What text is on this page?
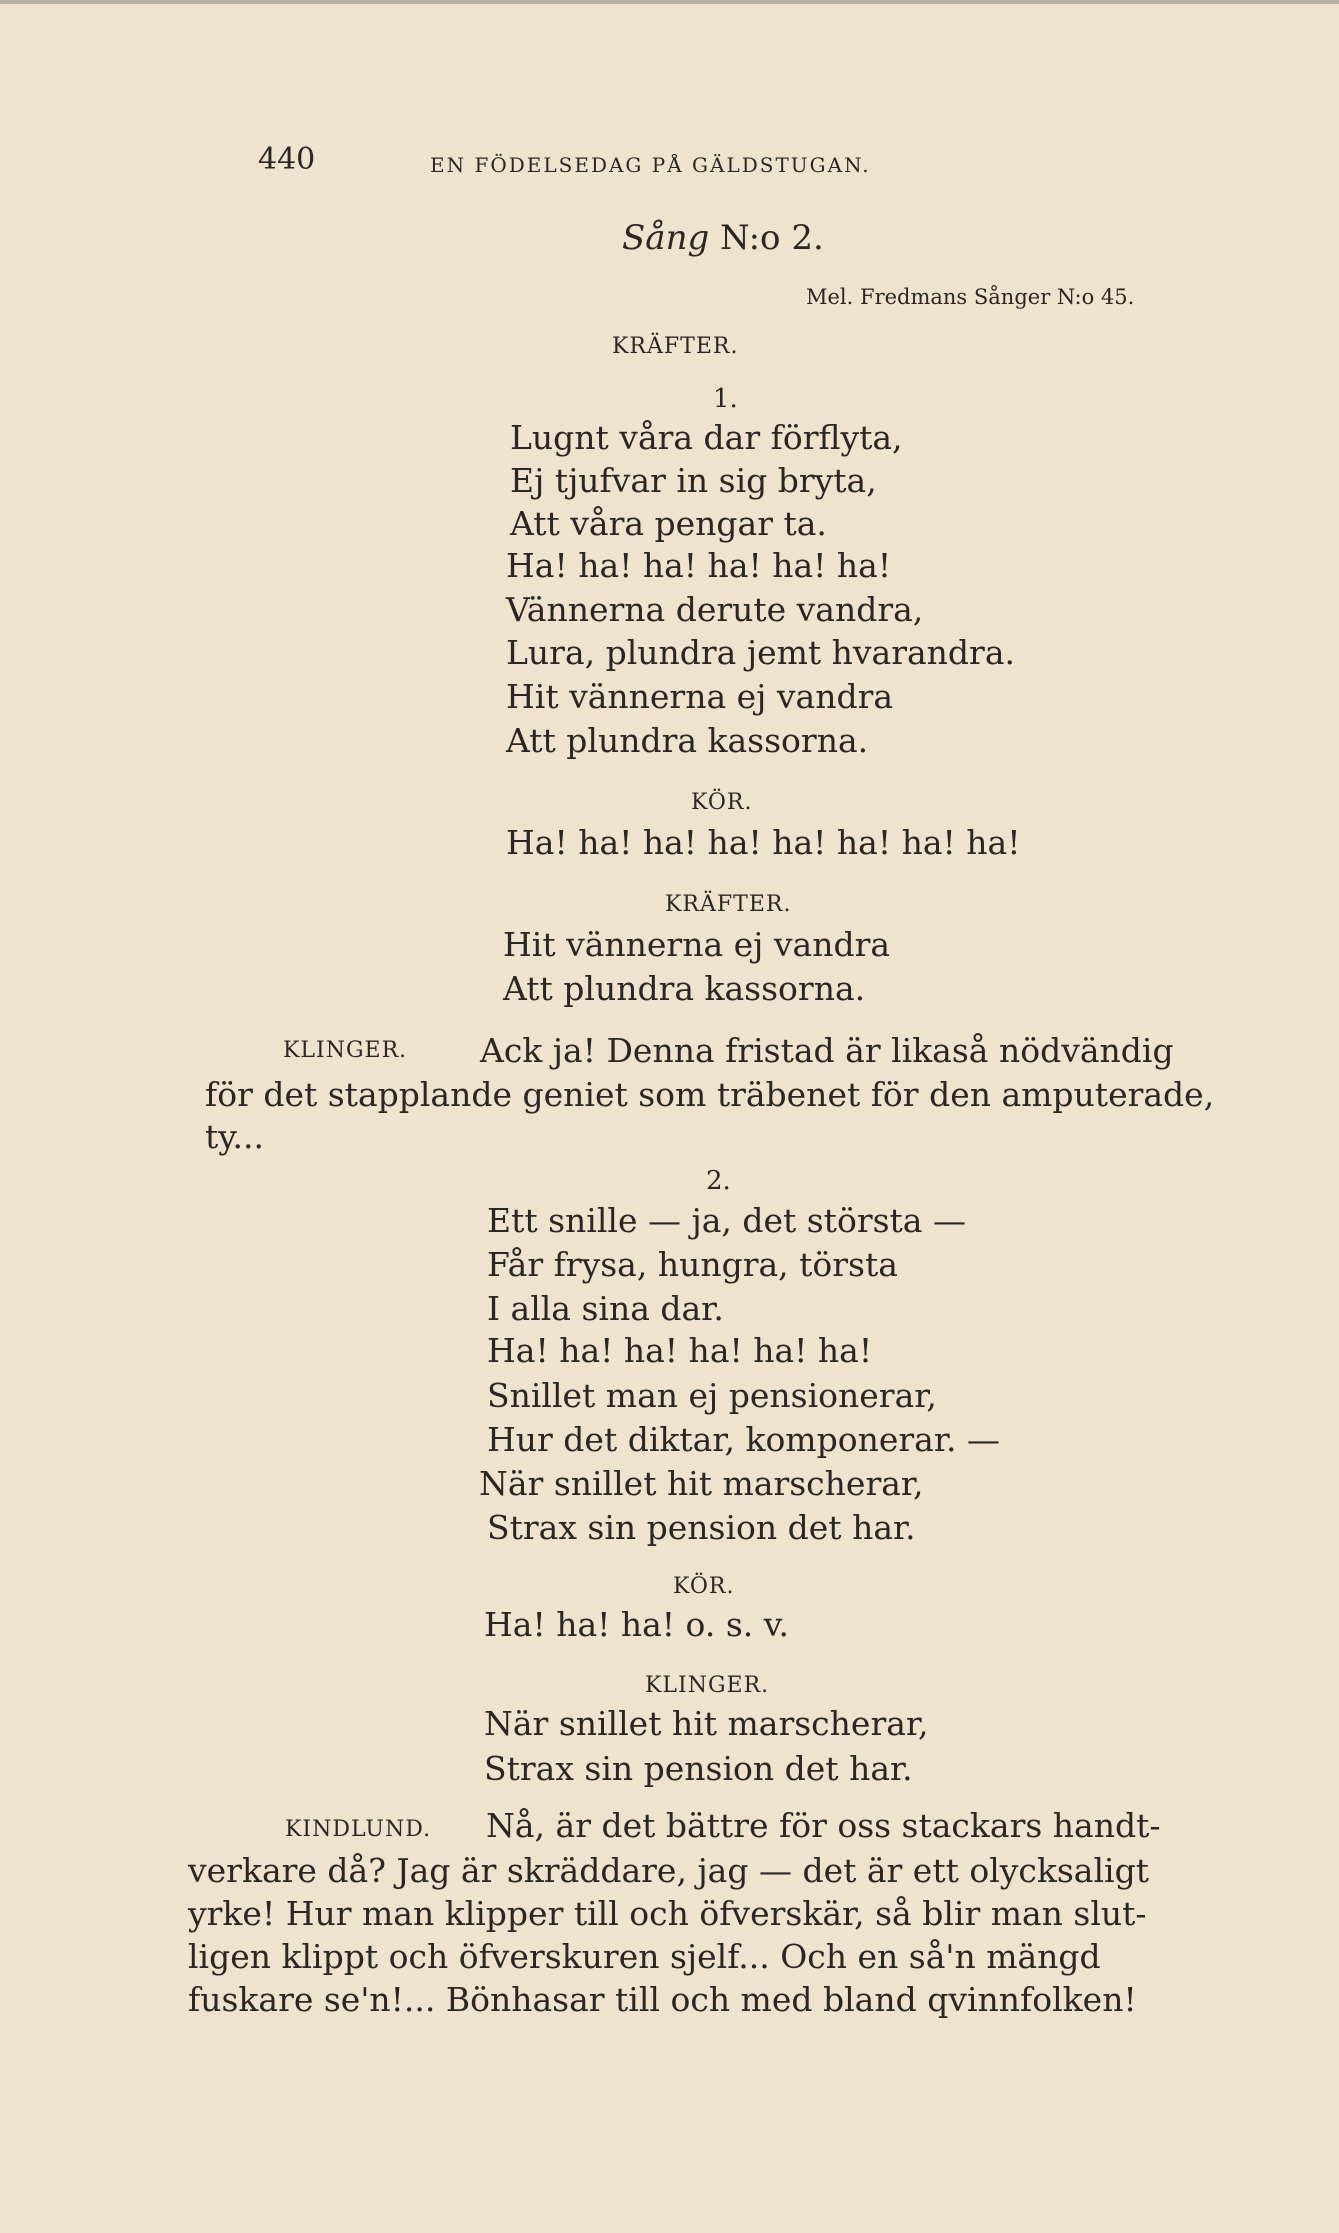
440	EN FÖDELSEDAG PÅ GÄLDSTUGAN.
Sång N:o 2.
Mel. Fredmans Sånger N:o 45.
KRÄFTER.
1.
Lugnt våra dar förflyta,
Ej tjufvar in sig bryta,
Att våra pengar ta.
Ha! ha! ha! ha! ha! ha!
Vännerna derute vandra,
Lura, plundra jemt hvarandra.
Hit vännerna ej vandra
Att plundra kassorna.
KÖR.
Ha! ha! ha! ha! ha! ha! ha! ha!
KRÄFTER.
Hit vännerna ej vandra
Att plundra kassorna.
KLINGER. Ack ja! Denna fristad är likaså nödvändig
för det stapplande geniet som träbenet för den amputerade,
ty...
2.
Ett snille — ja, det största —
Får frysa, hungra, törsta
I alla sina dar.
Ha! ha! ha! ha! ha! ha!
Snillet man ej pensionerar,
Hur det diktar, komponerar. —
När snillet hit marscherar,
Strax sin pension det har.
KÖR.
Ha! ha! ha! o. s. v.
KLINGER.
När snillet hit marscherar,
Strax sin pension det har.
KINDLUND. Nå, är det bättre för oss stackars handt-
verkare då? Jag är skräddare, jag — det är ett olycksaligt
yrke! Hur man klipper till och öfverskär, så blir man slut-
ligen klippt och öfverskuren sjelf... Och en så'n mängd
fuskare se'n!... Bönhasar till och med bland qvinnfolken!
